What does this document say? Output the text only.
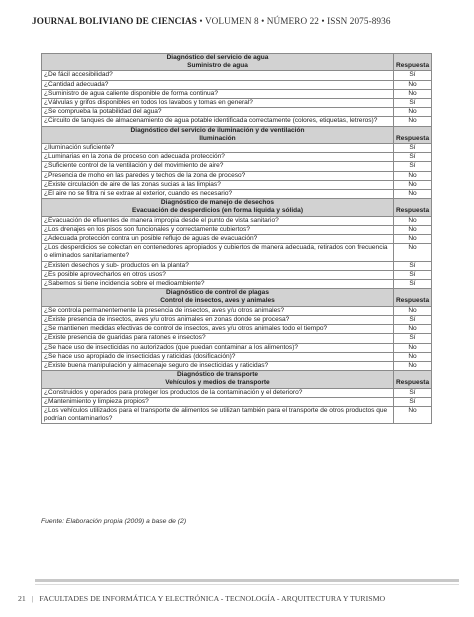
JOURNAL BOLIVIANO DE CIENCIAS • VOLUMEN 8 • NÚMERO 22 • ISSN 2075-8936
Diagnóstico del servicio de agua
Suministro de agua	Respuesta
¿De fácil accesibilidad?	Sí
¿Cantidad adecuada?	No
¿Suministro de agua caliente disponible de forma continua?	No
¿Válvulas y grifos disponibles en todos los lavabos y tomas en general?	Sí
¿Se comprueba la potabilidad del agua?	No
¿Circuito de tanques de almacenamiento de agua potable identificada correctamente (colores, etiquetas, letreros)?	No

Diagnóstico del servicio de iluminación y de ventilación
Iluminación	Respuesta
¿Iluminación suficiente?	Sí
¿Luminarias en la zona de proceso con adecuada protección?	Sí
¿Suficiente control de la ventilación y del movimiento de aire?	Sí
¿Presencia de moho en las paredes y techos de la zona de proceso?	No
¿Existe circulación de aire de las zonas sucias a las limpias?	No
¿El aire no se filtra ni se extrae al exterior, cuando es necesario?	No

Diagnóstico de manejo de desechos
Evacuación de desperdicios (en forma líquida y sólida)	Respuesta
¿Evacuación de efluentes de manera impropia desde el punto de vista sanitario?	No
¿Los drenajes en los pisos son funcionales y correctamente cubiertos?	No
¿Adecuada protección contra un posible reflujo de aguas de evacuación?	No
¿Los desperdicios se colectan en contenedores apropiados y cubiertos de manera adecuada, retirados con frecuencia o eliminados sanitariamente?	No
¿Existen desechos y sub- productos en la planta?	Sí
¿Es posible aprovecharlos en otros usos?	Sí
¿Sabemos si tiene incidencia sobre el medioambiente?	Sí

Diagnóstico de control de plagas
Control de insectos, aves y animales	Respuesta
¿Se controla permanentemente la presencia de insectos, aves y/u otros animales?	No
¿Existe presencia de insectos, aves y/u otros animales en zonas donde se procesa?	Sí
¿Se mantienen medidas efectivas de control de insectos, aves y/u otros animales todo el tiempo?	No
¿Existe presencia de guaridas para ratones e insectos?	Sí
¿Se hace uso de insecticidas no autorizados (que puedan contaminar a los alimentos)?	No
¿Se hace uso apropiado de insecticidas y raticidas (dosificación)?	No
¿Existe buena manipulación y almacenaje seguro de insecticidas y raticidas?	No

Diagnóstico de transporte
Vehículos y medios de transporte	Respuesta
¿Construidos y operados para proteger los productos de la contaminación y el deterioro?	Sí
¿Mantenimiento y limpieza propios?	Sí
¿Los vehículos utilizados para el transporte de alimentos se utilizan también para el transporte de otros productos que podrían contaminarlos?	No
Fuente: Elaboración propia (2009) a base de (2)
21 | FACULTADES DE INFORMÁTICA Y ELECTRÓNICA - TECNOLOGÍA - ARQUITECTURA Y TURISMO
